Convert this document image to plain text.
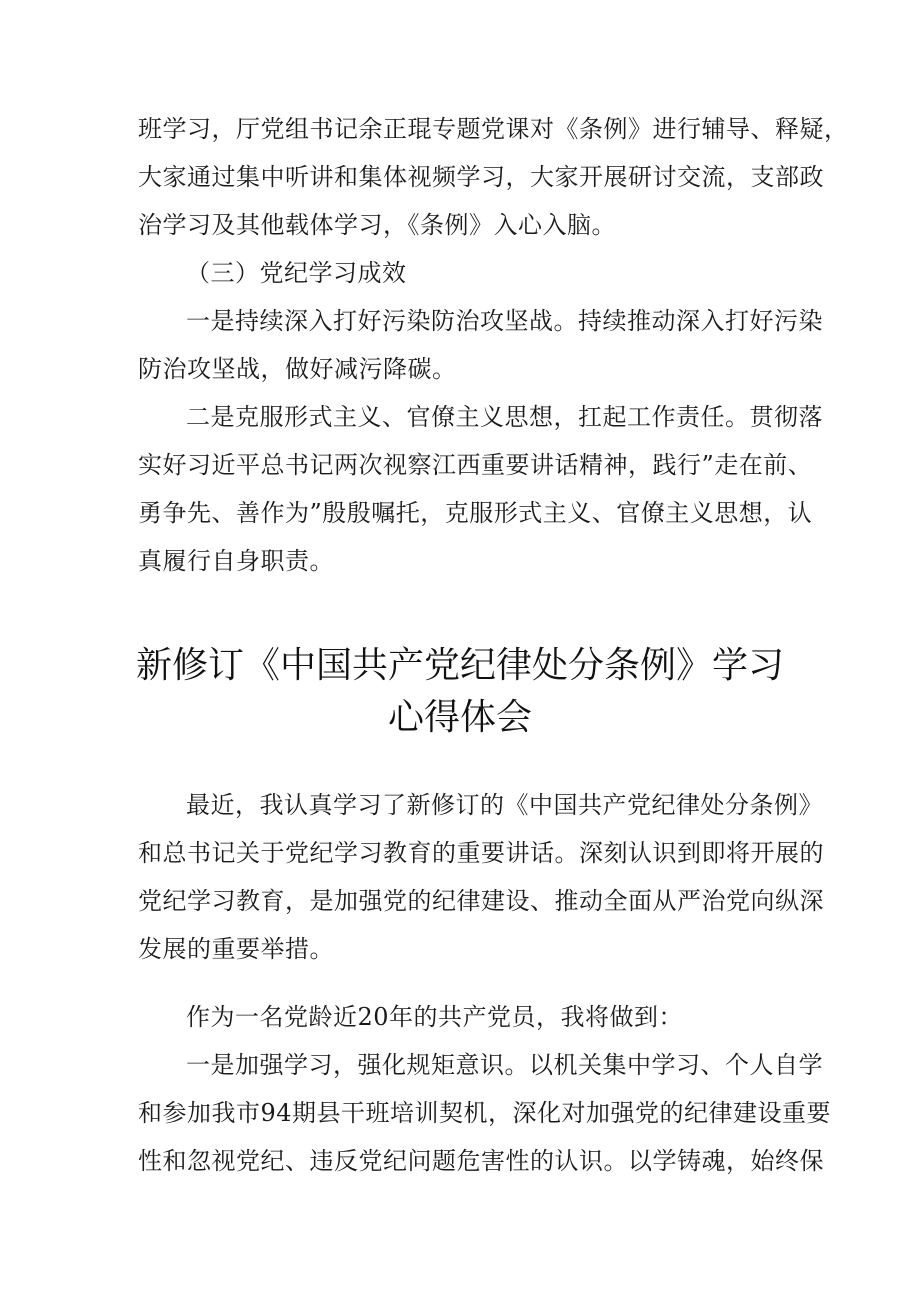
班学习，厅党组书记余正琨专题党课对《条例》进行辅导、释疑，
大家通过集中听讲和集体视频学习，大家开展研讨交流，支部政
治学习及其他载体学习，《条例》入心入脑。
（三）党纪学习成效
一是持续深入打好污染防治攻坚战。持续推动深入打好污染
防治攻坚战，做好减污降碳。
二是克服形式主义、官僚主义思想，扛起工作责任。贯彻落
实好习近平总书记两次视察江西重要讲话精神，践行”走在前、
勇争先、善作为”殷殷嘱托，克服形式主义、官僚主义思想，认
真履行自身职责。
新修订《中国共产党纪律处分条例》学习
心得体会
最近，我认真学习了新修订的《中国共产党纪律处分条例》
和总书记关于党纪学习教育的重要讲话。深刻认识到即将开展的
党纪学习教育，是加强党的纪律建设、推动全面从严治党向纵深
发展的重要举措。
作为一名党龄近20年的共产党员，我将做到：
一是加强学习，强化规矩意识。以机关集中学习、个人自学
和参加我市94期县干班培训契机，深化对加强党的纪律建设重要
性和忽视党纪、违反党纪问题危害性的认识。以学铸魂，始终保
